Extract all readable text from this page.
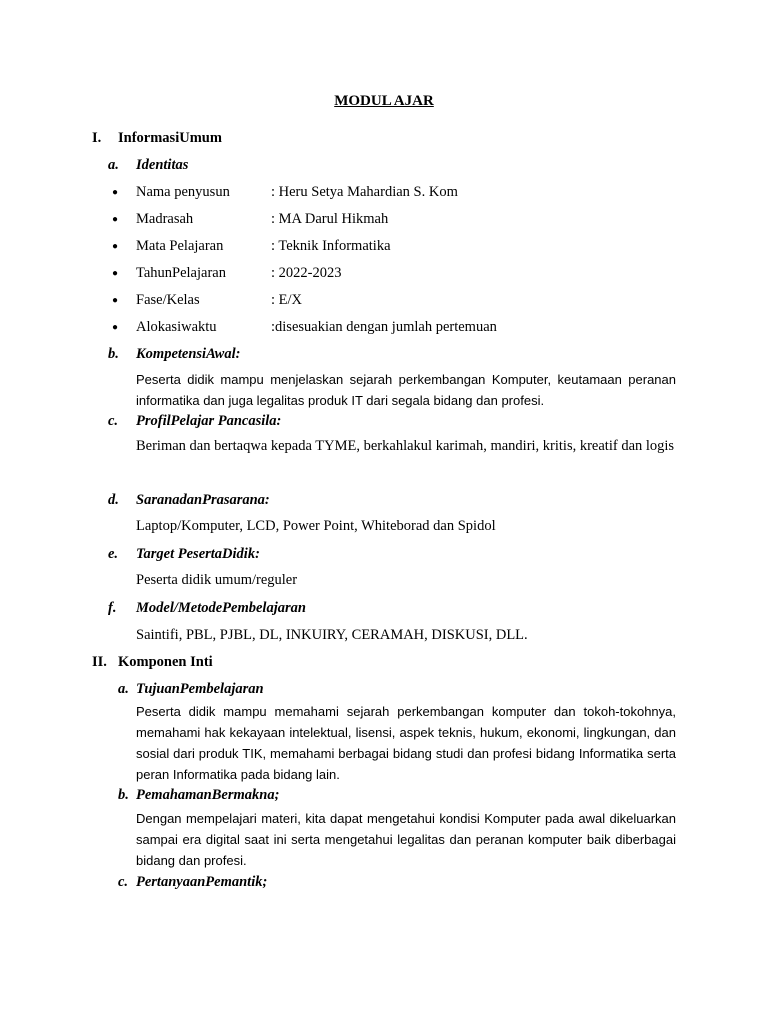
MODUL AJAR
I. InformasiUmum
a. Identitas
● Nama penyusun	: Heru Setya Mahardian S. Kom
● Madrasah	: MA Darul Hikmah
● Mata Pelajaran	: Teknik Informatika
● TahunPelajaran	: 2022-2023
● Fase/Kelas	: E/X
● Alokasiwaktu	:disesuakian dengan jumlah pertemuan
b. KompetensiAwal:
Peserta didik mampu menjelaskan sejarah perkembangan Komputer, keutamaan peranan informatika dan juga legalitas produk IT dari segala bidang dan profesi.
c. ProfilPelajar Pancasila:
Beriman dan bertaqwa kepada TYME, berkahlakul karimah, mandiri, kritis, kreatif dan logis
d. SaranadanPrasarana:
Laptop/Komputer, LCD, Power Point, Whiteborad dan Spidol
e. Target PesertaDidik:
Peserta didik umum/reguler
f. Model/MetodePembelajaran
Saintifi, PBL, PJBL, DL, INKUIRY, CERAMAH, DISKUSI, DLL.
II. Komponen Inti
a. TujuanPembelajaran
Peserta didik mampu memahami sejarah perkembangan komputer dan tokoh-tokohnya, memahami hak kekayaan intelektual, lisensi, aspek teknis, hukum, ekonomi, lingkungan, dan sosial dari produk TIK, memahami berbagai bidang studi dan profesi bidang Informatika serta peran Informatika pada bidang lain.
b. PemahamanBermakna;
Dengan mempelajari materi, kita dapat mengetahui kondisi Komputer pada awal dikeluarkan sampai era digital saat ini serta mengetahui legalitas dan peranan komputer baik diberbagai bidang dan profesi.
c. PertanyaanPemantik;
